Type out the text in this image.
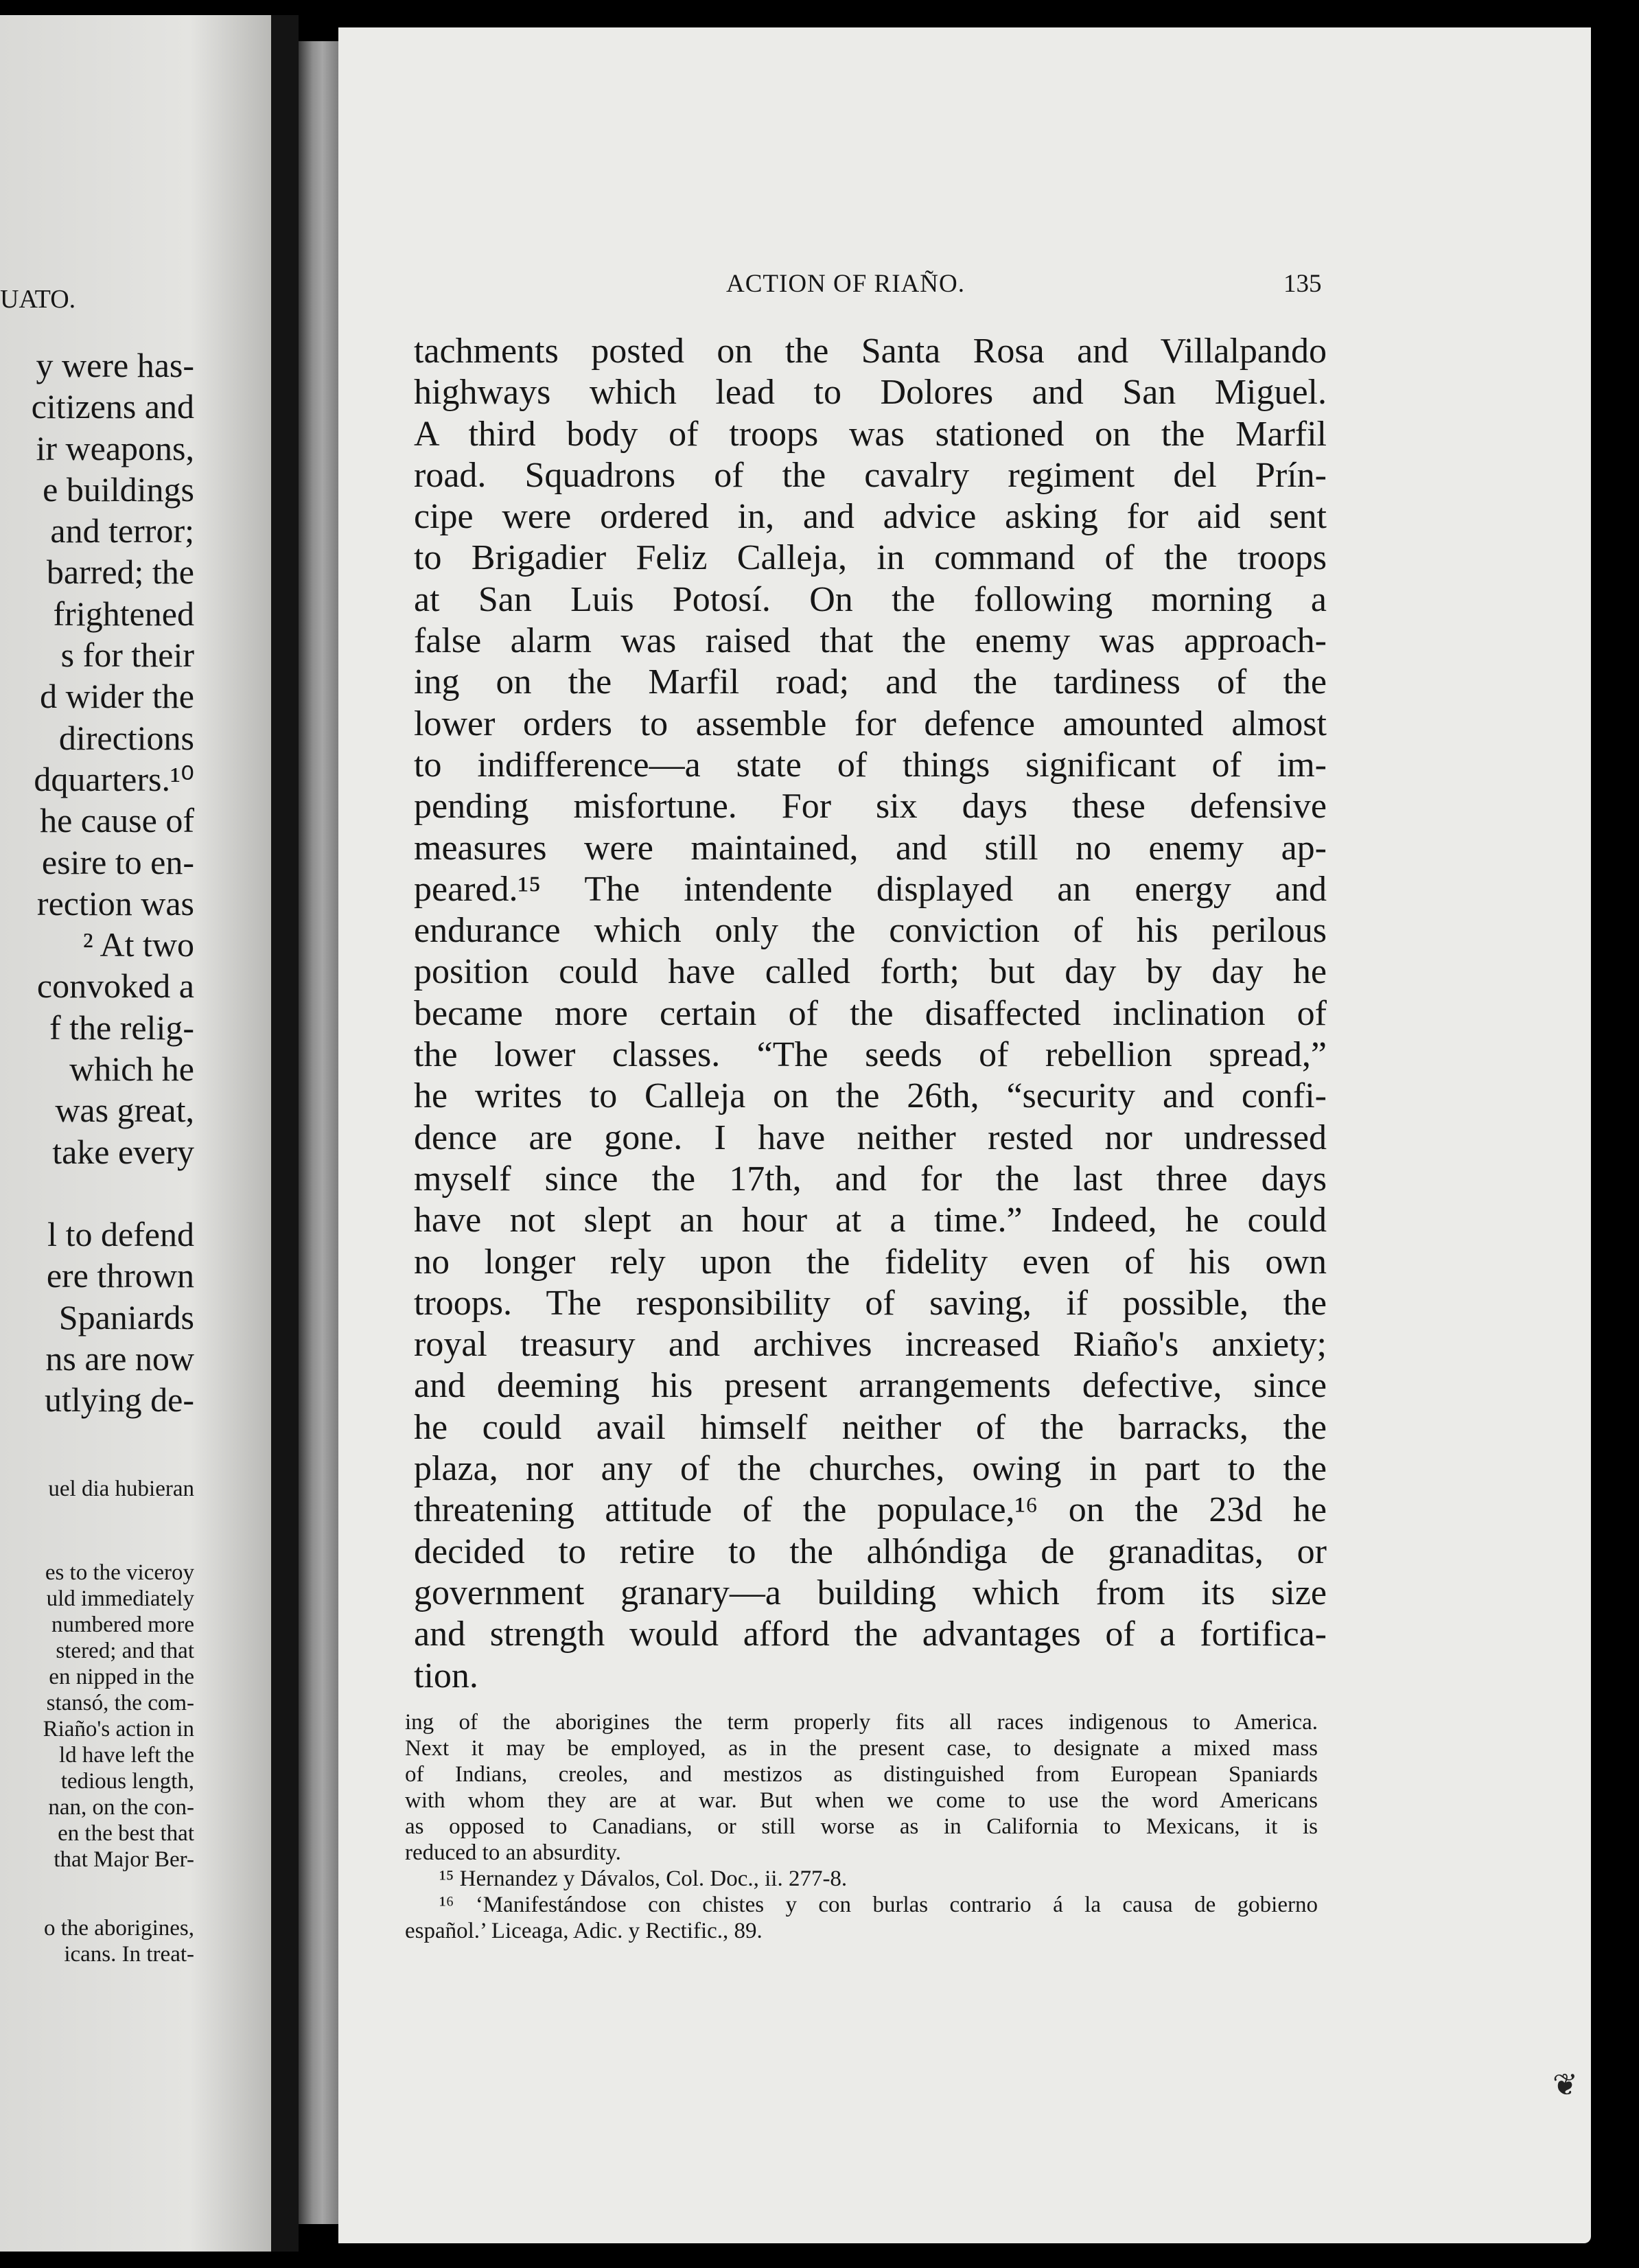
UATO.
y were has-
citizens and
ir weapons,
e buildings
and terror;
barred; the
frightened
s for their
d wider the
directions
dquarters.¹⁰
he cause of
esire to en-
rection was
² At two
convoked a
f the relig-
which he
was great,
take every
l to defend
ere thrown
Spaniards
ns are now
utlying de-
uel dia hubieran
es to the viceroy
uld immediately
numbered more
stered; and that
en nipped in the
stansó, the com-
Riaño's action in
ld have left the
tedious length,
nan, on the con-
en the best that
that Major Ber-
o the aborigines,
icans. In treat-
ACTION OF RIAÑO.	135
tachments posted on the Santa Rosa and Villalpando
highways which lead to Dolores and San Miguel.
A third body of troops was stationed on the Marfil
road. Squadrons of the cavalry regiment del Prín-
cipe were ordered in, and advice asking for aid sent
to Brigadier Feliz Calleja, in command of the troops
at San Luis Potosí. On the following morning a
false alarm was raised that the enemy was approach-
ing on the Marfil road; and the tardiness of the
lower orders to assemble for defence amounted almost
to indifference—a state of things significant of im-
pending misfortune. For six days these defensive
measures were maintained, and still no enemy ap-
peared.¹⁵ The intendente displayed an energy and
endurance which only the conviction of his perilous
position could have called forth; but day by day he
became more certain of the disaffected inclination of
the lower classes. “The seeds of rebellion spread,”
he writes to Calleja on the 26th, “security and confi-
dence are gone. I have neither rested nor undressed
myself since the 17th, and for the last three days
have not slept an hour at a time.” Indeed, he could
no longer rely upon the fidelity even of his own
troops. The responsibility of saving, if possible, the
royal treasury and archives increased Riaño's anxiety;
and deeming his present arrangements defective, since
he could avail himself neither of the barracks, the
plaza, nor any of the churches, owing in part to the
threatening attitude of the populace,¹⁶ on the 23d he
decided to retire to the alhóndiga de granaditas, or
government granary—a building which from its size
and strength would afford the advantages of a fortifica-
tion.
ing of the aborigines the term properly fits all races indigenous to America.
Next it may be employed, as in the present case, to designate a mixed mass
of Indians, creoles, and mestizos as distinguished from European Spaniards
with whom they are at war. But when we come to use the word Americans
as opposed to Canadians, or still worse as in California to Mexicans, it is
reduced to an absurdity.
¹⁵ Hernandez y Dávalos, Col. Doc., ii. 277-8.
¹⁶ ‘Manifestándose con chistes y con burlas contrario á la causa de gobierno
español.’ Liceaga, Adic. y Rectific., 89.
❦
